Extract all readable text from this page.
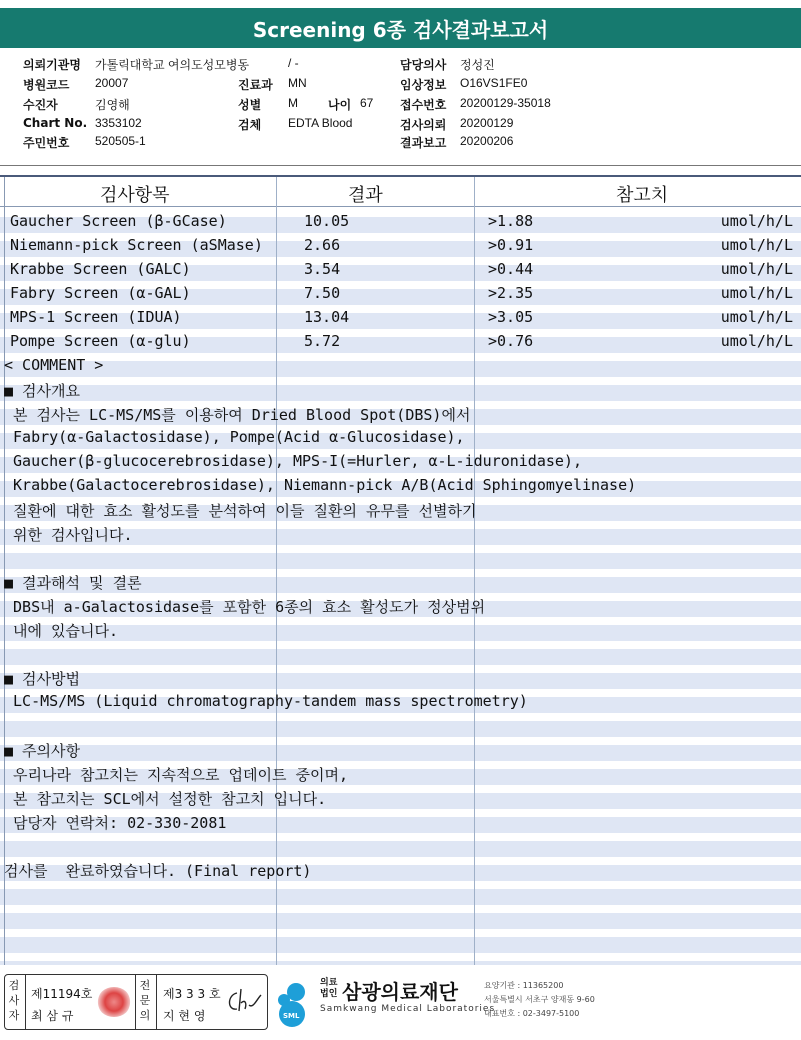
Screening 6종 검사결과보고서
의뢰기관명 가톨릭대학교 여의도성모병동	/ -	담당의사 정성진
병원코드 20007	진료과 MN	임상정보 O16VS1FE0
수진자	김영해	성별 M	나이 67 접수번호 20200129-35018
Chart No. 3353102	검체 EDTA Blood	검사의뢰 20200129
주민번호 520505-1	결과보고 20200206
검사항목	결과	참고치
Gaucher Screen (β-GCase)	10.05	>1.88	umol/h/L
Niemann-pick Screen (aSMase)	2.66	>0.91	umol/h/L
Krabbe Screen (GALC)	3.54	>0.44	umol/h/L
Fabry Screen (α-GAL)	7.50	>2.35	umol/h/L
MPS-1 Screen (IDUA)	13.04	>3.05	umol/h/L
Pompe Screen (α-glu)	5.72	>0.76	umol/h/L
< COMMENT >
■ 검사개요
본 검사는 LC-MS/MS를 이용하여 Dried Blood Spot(DBS)에서
Fabry(α-Galactosidase), Pompe(Acid α-Glucosidase),
Gaucher(β-glucocerebrosidase), MPS-I(=Hurler, α-L-iduronidase),
Krabbe(Galactocerebrosidase), Niemann-pick A/B(Acid Sphingomyelinase)
질환에 대한 효소 활성도를 분석하여 이들 질환의 유무를 선별하기
위한 검사입니다.
■ 결과해석 및 결론
DBS내 a-Galactosidase를 포함한 6종의 효소 활성도가 정상범위
내에 있습니다.
■ 검사방법
LC-MS/MS (Liquid chromatography-tandem mass spectrometry)
■ 주의사항
우리나라 참고치는 지속적으로 업데이트 중이며,
본 참고치는 SCL에서 설정한 참고치 입니다.
담당자 연락처: 02-330-2081
검사를  완료하였습니다. (Final report)
검사자
제11194호
최 삼 규
전문의
제3 3 3 호
지 현 영	SML
의료법인 삼광의료재단
Samkwang Medical Laboratories
요양기관 : 11365200
서울특별시 서초구 양재동 9-60
대표번호 : 02-3497-5100
